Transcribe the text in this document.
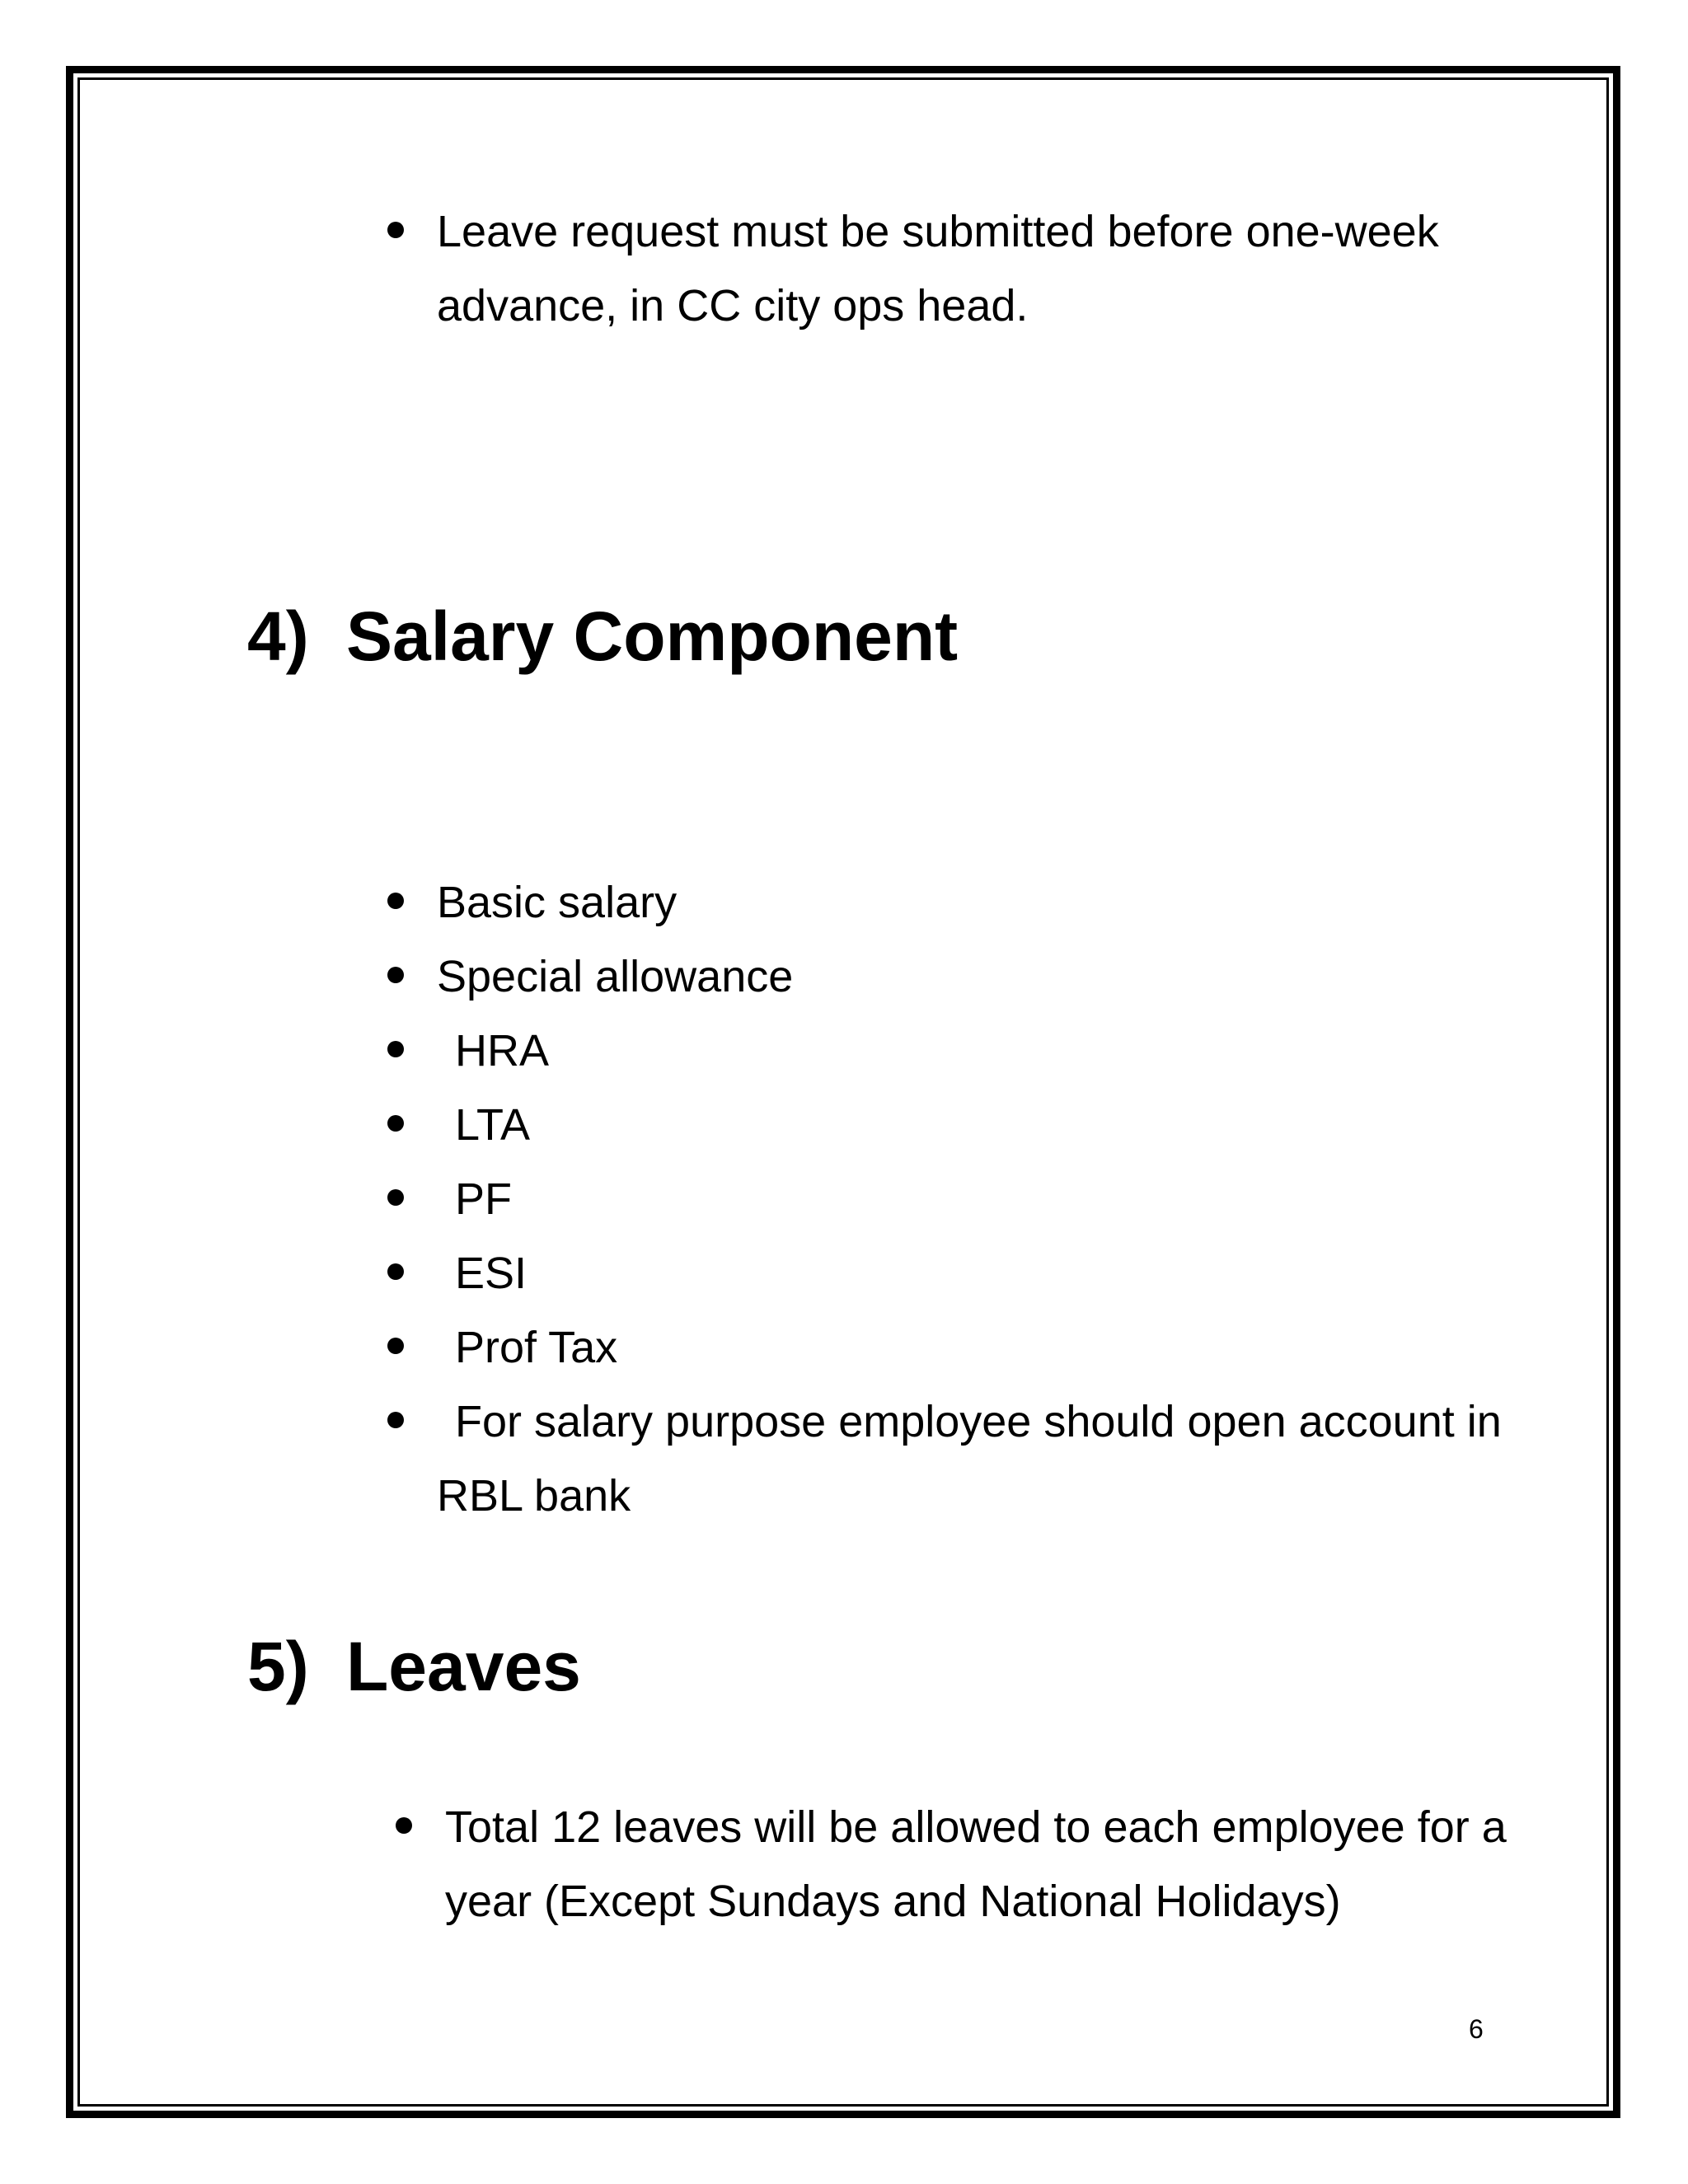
Leave request must be submitted before one-week advance, in CC city ops head.
4) Salary Component
Basic salary
Special allowance
HRA
LTA
PF
ESI
Prof Tax
For salary purpose employee should open account in RBL bank
5) Leaves
Total 12 leaves will be allowed to each employee for a year (Except Sundays and National Holidays)
6
